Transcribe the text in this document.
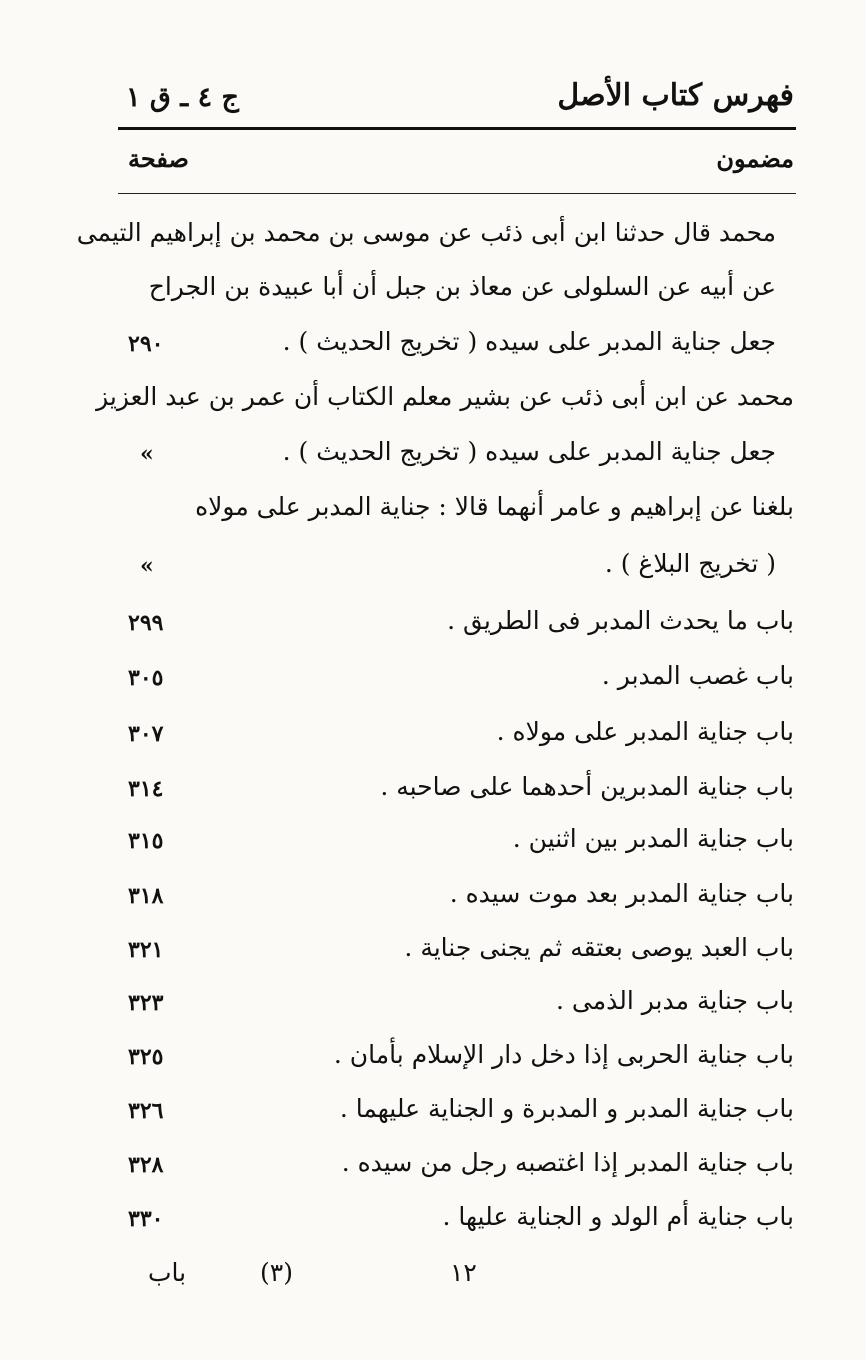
فهرس كتاب الأصل
ج ٤ ـ ق ١
مضمون
صفحة
محمد قال حدثنا ابن أبى ذئب عن موسى بن محمد بن إبراهيم التيمى
عن أبيه عن السلولى عن معاذ بن جبل أن أبا عبيدة بن الجراح
جعل جناية المدبر على سيده ( تخريج الحديث ) .
٢٩٠
محمد عن ابن أبى ذئب عن بشير معلم الكتاب أن عمر بن عبد العزيز
جعل جناية المدبر على سيده ( تخريج الحديث ) .
»
بلغنا عن إبراهيم و عامر أنهما قالا : جناية المدبر على مولاه
( تخريج البلاغ ) .
»
باب ما يحدث المدبر فى الطريق .
٢٩٩
باب غصب المدبر .
٣٠٥
باب جناية المدبر على مولاه .
٣٠٧
باب جناية المدبرين أحدهما على صاحبه .
٣١٤
باب جناية المدبر بين اثنين .
٣١٥
باب جناية المدبر بعد موت سيده .
٣١٨
باب العبد يوصى بعتقه ثم يجنى جناية .
٣٢١
باب جناية مدبر الذمى .
٣٢٣
باب جناية الحربى إذا دخل دار الإسلام بأمان .
٣٢٥
باب جناية المدبر و المدبرة و الجناية عليهما .
٣٢٦
باب جناية المدبر إذا اغتصبه رجل من سيده .
٣٢٨
باب جناية أم الولد و الجناية عليها .
٣٣٠
باب	(٣)	١٢
